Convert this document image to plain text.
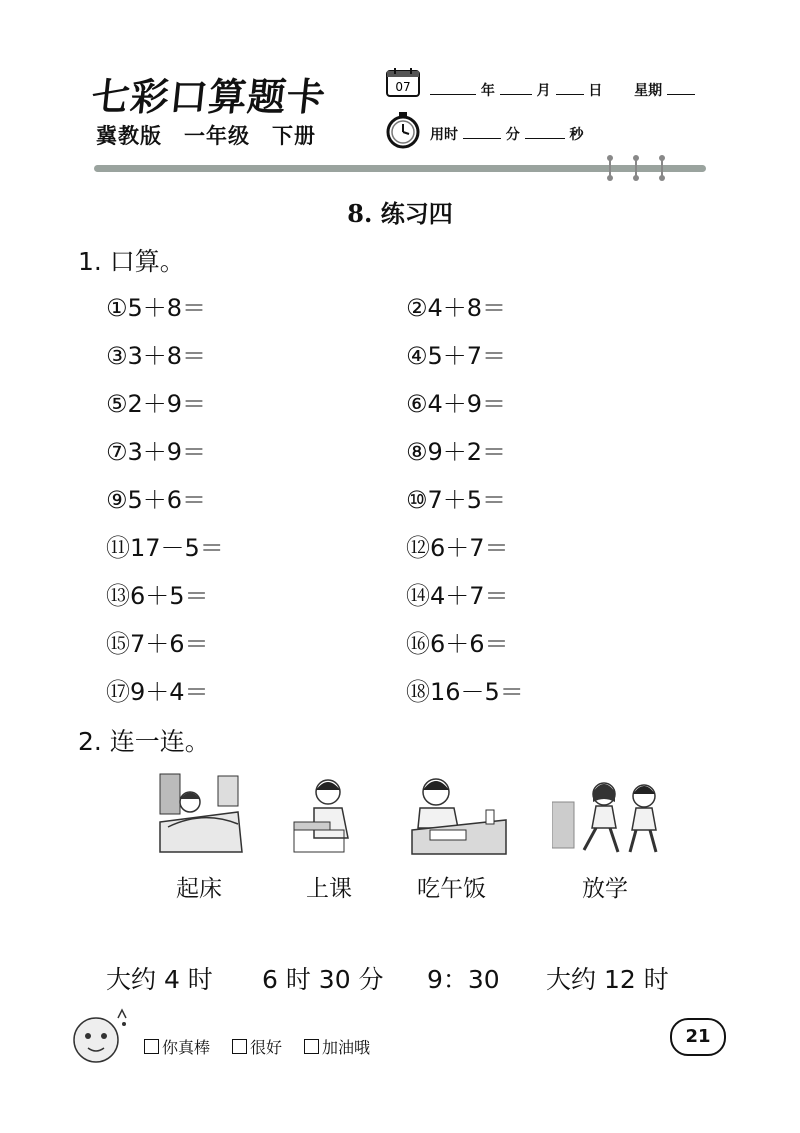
七彩口算题卡
冀教版　一年级　下册
07	年	月	日 星期
用时	分	秒
8. 练习四
1. 口算。
①5＋8＝	②4＋8＝
③3＋8＝	④5＋7＝
⑤2＋9＝	⑥4＋9＝
⑦3＋9＝	⑧9＋2＝
⑨5＋6＝	⑩7＋5＝
⑪17－5＝	⑫6＋7＝
⑬6＋5＝	⑭4＋7＝
⑮7＋6＝	⑯6＋6＝
⑰9＋4＝	⑱16－5＝
2. 连一连。
起床	上课	吃午饭	放学
大约 4 时 6 时 30 分 9：30 大约 12 时
你真棒	很好	加油哦
21
